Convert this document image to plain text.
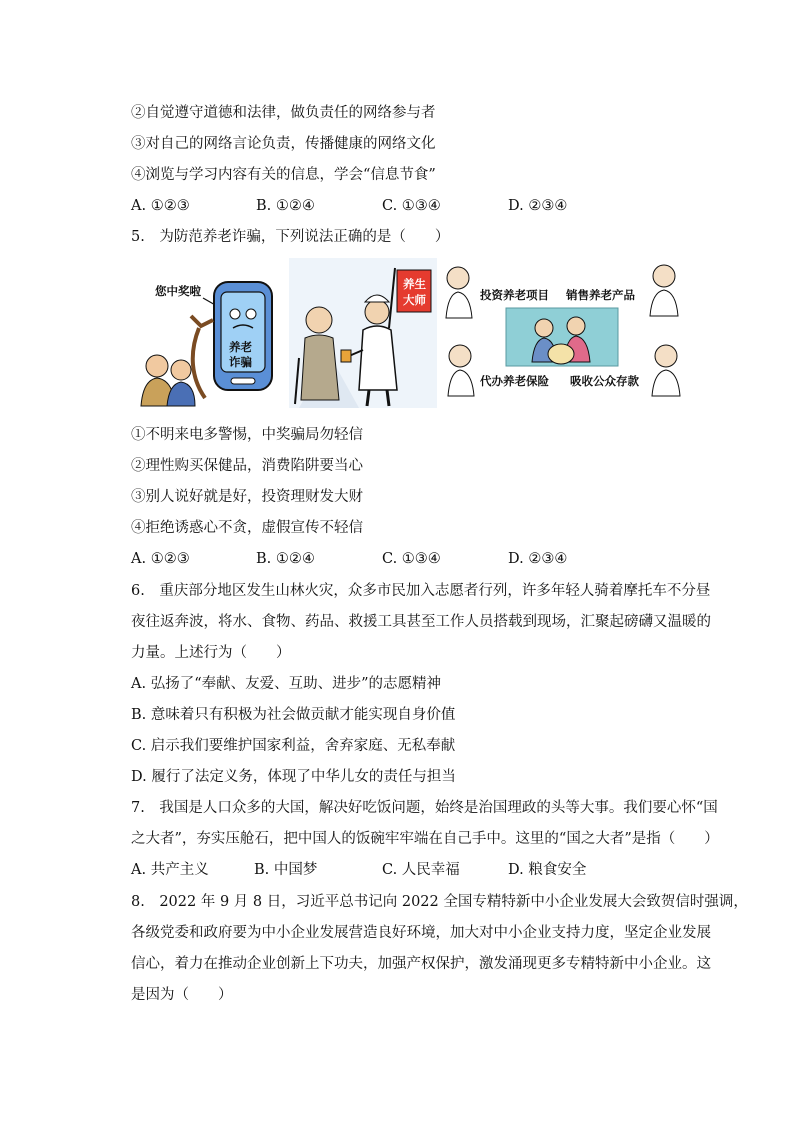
②自觉遵守道德和法律，做负责任的网络参与者
③对自己的网络言论负责，传播健康的网络文化
④浏览与学习内容有关的信息，学会“信息节食”
A. ①②③	B. ①②④	C. ①③④	D. ②③④
5.　为防范养老诈骗，下列说法正确的是（　　）
您中奖啦
养老
诈骗
养生
大师	投资养老项目 销售养老产品
代办养老保险 吸收公众存款
①不明来电多警惕，中奖骗局勿轻信
②理性购买保健品，消费陷阱要当心
③别人说好就是好，投资理财发大财
④拒绝诱惑心不贪，虚假宣传不轻信
A. ①②③	B. ①②④	C. ①③④	D. ②③④
6.　重庆部分地区发生山林火灾，众多市民加入志愿者行列，许多年轻人骑着摩托车不分昼
夜往返奔波，将水、食物、药品、救援工具甚至工作人员搭载到现场，汇聚起磅礴又温暖的
力量。上述行为（　　）
A. 弘扬了“奉献、友爱、互助、进步”的志愿精神
B. 意味着只有积极为社会做贡献才能实现自身价值
C. 启示我们要维护国家利益，舍弃家庭、无私奉献
D. 履行了法定义务，体现了中华儿女的责任与担当
7.　我国是人口众多的大国，解决好吃饭问题，始终是治国理政的头等大事。我们要心怀“国
之大者”，夯实压舱石，把中国人的饭碗牢牢端在自己手中。这里的“国之大者”是指（　　）
A. 共产主义	B. 中国梦	C. 人民幸福	D. 粮食安全
8.　2022 年 9 月 8 日，习近平总书记向 2022 全国专精特新中小企业发展大会致贺信时强调，
各级党委和政府要为中小企业发展营造良好环境，加大对中小企业支持力度，坚定企业发展
信心，着力在推动企业创新上下功夫，加强产权保护，激发涌现更多专精特新中小企业。这
是因为（　　）
